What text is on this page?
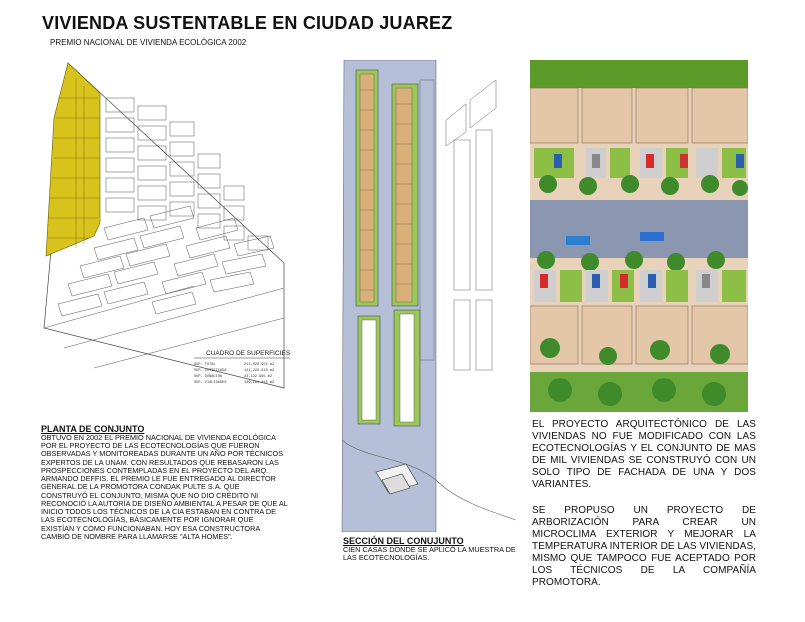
VIVIENDA SUSTENTABLE EN CIUDAD JUAREZ
PREMIO NACIONAL DE VIVIENDA ECOLÓGICA 2002
CUADRO DE SUPERFICIES
SUP. TOTAL	211,826.955 m2
SUP. LOTIFICADA	141,229.810 m2
SUP. DONACIÓN	33,122.995 m2
SUP. VIALIDADES	109,194.815 m2
PLANTA DE CONJUNTO
OBTUVO EN 2002 EL PREMIO NACIONAL DE VIVIENDA ECOLÓGICA POR EL PROYECTO DE LAS ECOTECNOLOGÍAS QUE FUERON OBSERVADAS Y MONITOREADAS DURANTE UN AÑO POR TÉCNICOS EXPERTOS DE LA UNAM. CON RESULTADOS QUE REBASARON LAS PROSPECCIONES CONTEMPLADAS EN EL PROYECTO DEL ARQ. ARMANDO DEFFIS. EL PREMIO LE FUE ENTREGADO AL DIRECTOR GENERAL DE LA PROMOTORA CONDAK PULTE S.A. QUE CONSTRUYÓ EL CONJUNTO, MISMA QUE NO DIO CRÉDITO NI RECONOCIÓ LA AUTORÍA DE DISEÑO AMBIENTAL A PESAR DE QUE AL INICIO TODOS LOS TÉCNICOS DE LA CIA ESTABAN EN CONTRA DE LAS ECOTECNOLOGÍAS, BÁSICAMENTE POR IGNORAR QUE EXISTÍAN Y COMO FUNCIONABAN. HOY ESA CONSTRUCTORA CAMBIÓ DE NOMBRE PARA LLAMARSE "ALTA HOMES".	SECCIÓN DEL CONUJUNTO
CIEN CASAS DONDE SE APLICÓ LA MUESTRA DE LAS ECOTECNOLOGÍAS.

EL PROYECTO ARQUITECTÓNICO DE LAS VIVIENDAS NO FUE MODIFICADO CON LAS ECOTECNOLOGÍAS Y EL CONJUNTO DE MAS DE MIL VIVIENDAS SE CONSTRUYÓ CON UN SOLO TIPO DE FACHADA DE UNA Y DOS VARIANTES.

SE PROPUSO UN PROYECTO DE ARBORIZACIÓN PARA CREAR UN MICROCLIMA EXTERIOR Y MEJORAR LA TEMPERATURA INTERIOR DE LAS VIVIENDAS, MISMO QUE TAMPOCO FUE ACEPTADO POR LOS TÉCNICOS DE LA COMPAÑÍA PROMOTORA.
